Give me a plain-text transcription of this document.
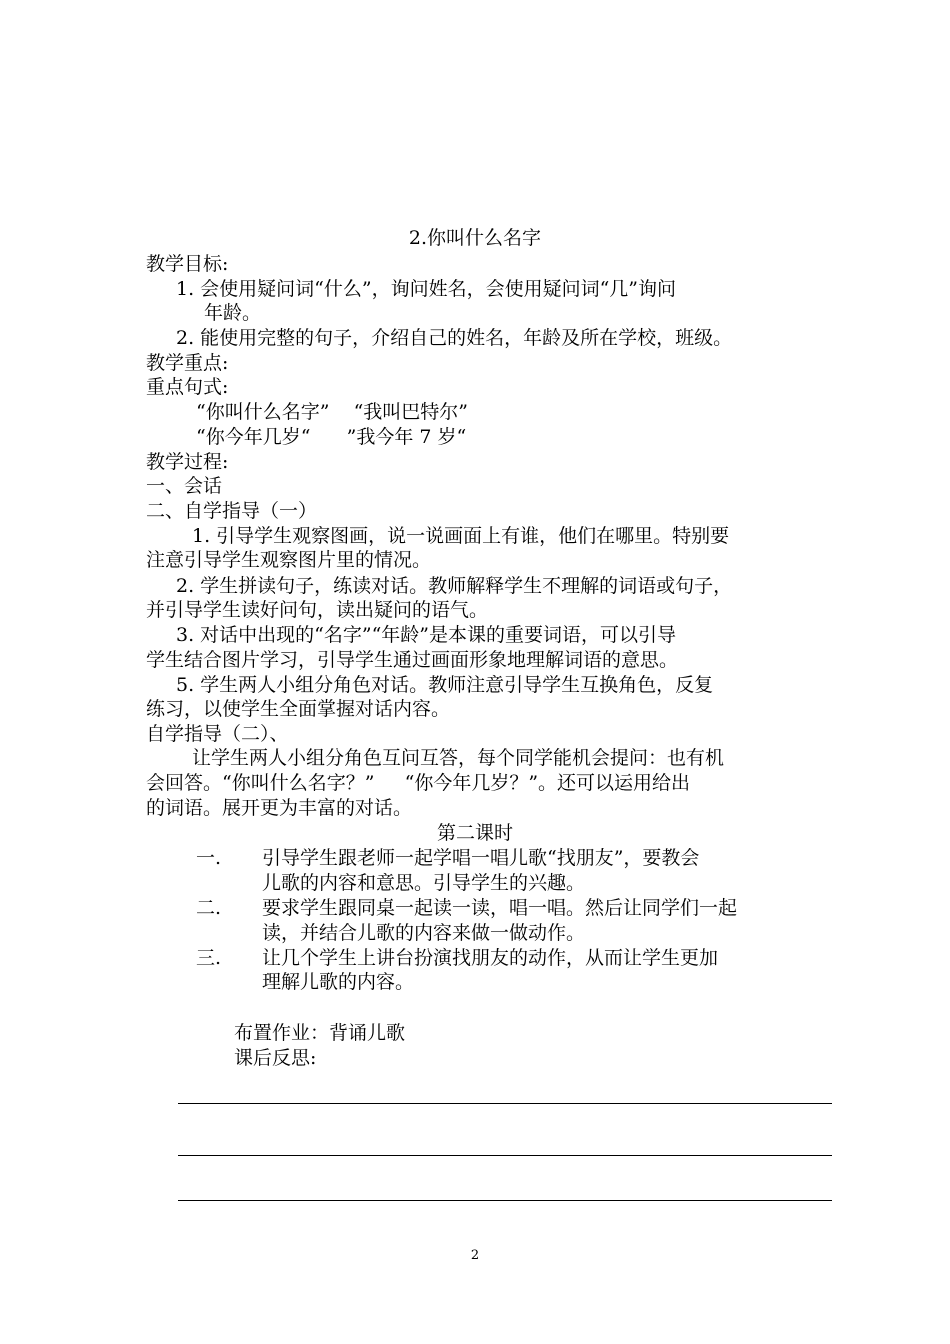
2.你叫什么名字
教学目标:
1. 会使用疑问词“什么”，询问姓名，会使用疑问词“几”询问
年龄。
2. 能使用完整的句子，介绍自己的姓名，年龄及所在学校，班级。
教学重点:
重点句式:
“你叫什么名字”    “我叫巴特尔”
“你今年几岁“      ”我今年 7 岁“
教学过程:
一、会话
二、自学指导（一）
1. 引导学生观察图画，说一说画面上有谁，他们在哪里。特别要
注意引导学生观察图片里的情况。
2. 学生拼读句子，练读对话。教师解释学生不理解的词语或句子，
并引导学生读好问句，读出疑问的语气。
3. 对话中出现的“名字”“年龄”是本课的重要词语，可以引导
学生结合图片学习，引导学生通过画面形象地理解词语的意思。
5. 学生两人小组分角色对话。教师注意引导学生互换角色，反复
练习，以使学生全面掌握对话内容。
自学指导（二）、
让学生两人小组分角色互问互答，每个同学能机会提问：也有机
会回答。“你叫什么名字？”     “你今年几岁？”。还可以运用给出
的词语。展开更为丰富的对话。
第二课时
一. 引导学生跟老师一起学唱一唱儿歌“找朋友”，要教会
儿歌的内容和意思。引导学生的兴趣。
二. 要求学生跟同桌一起读一读，唱一唱。然后让同学们一起
读，并结合儿歌的内容来做一做动作。
三. 让几个学生上讲台扮演找朋友的动作，从而让学生更加
理解儿歌的内容。
布置作业：背诵儿歌
课后反思:
2
